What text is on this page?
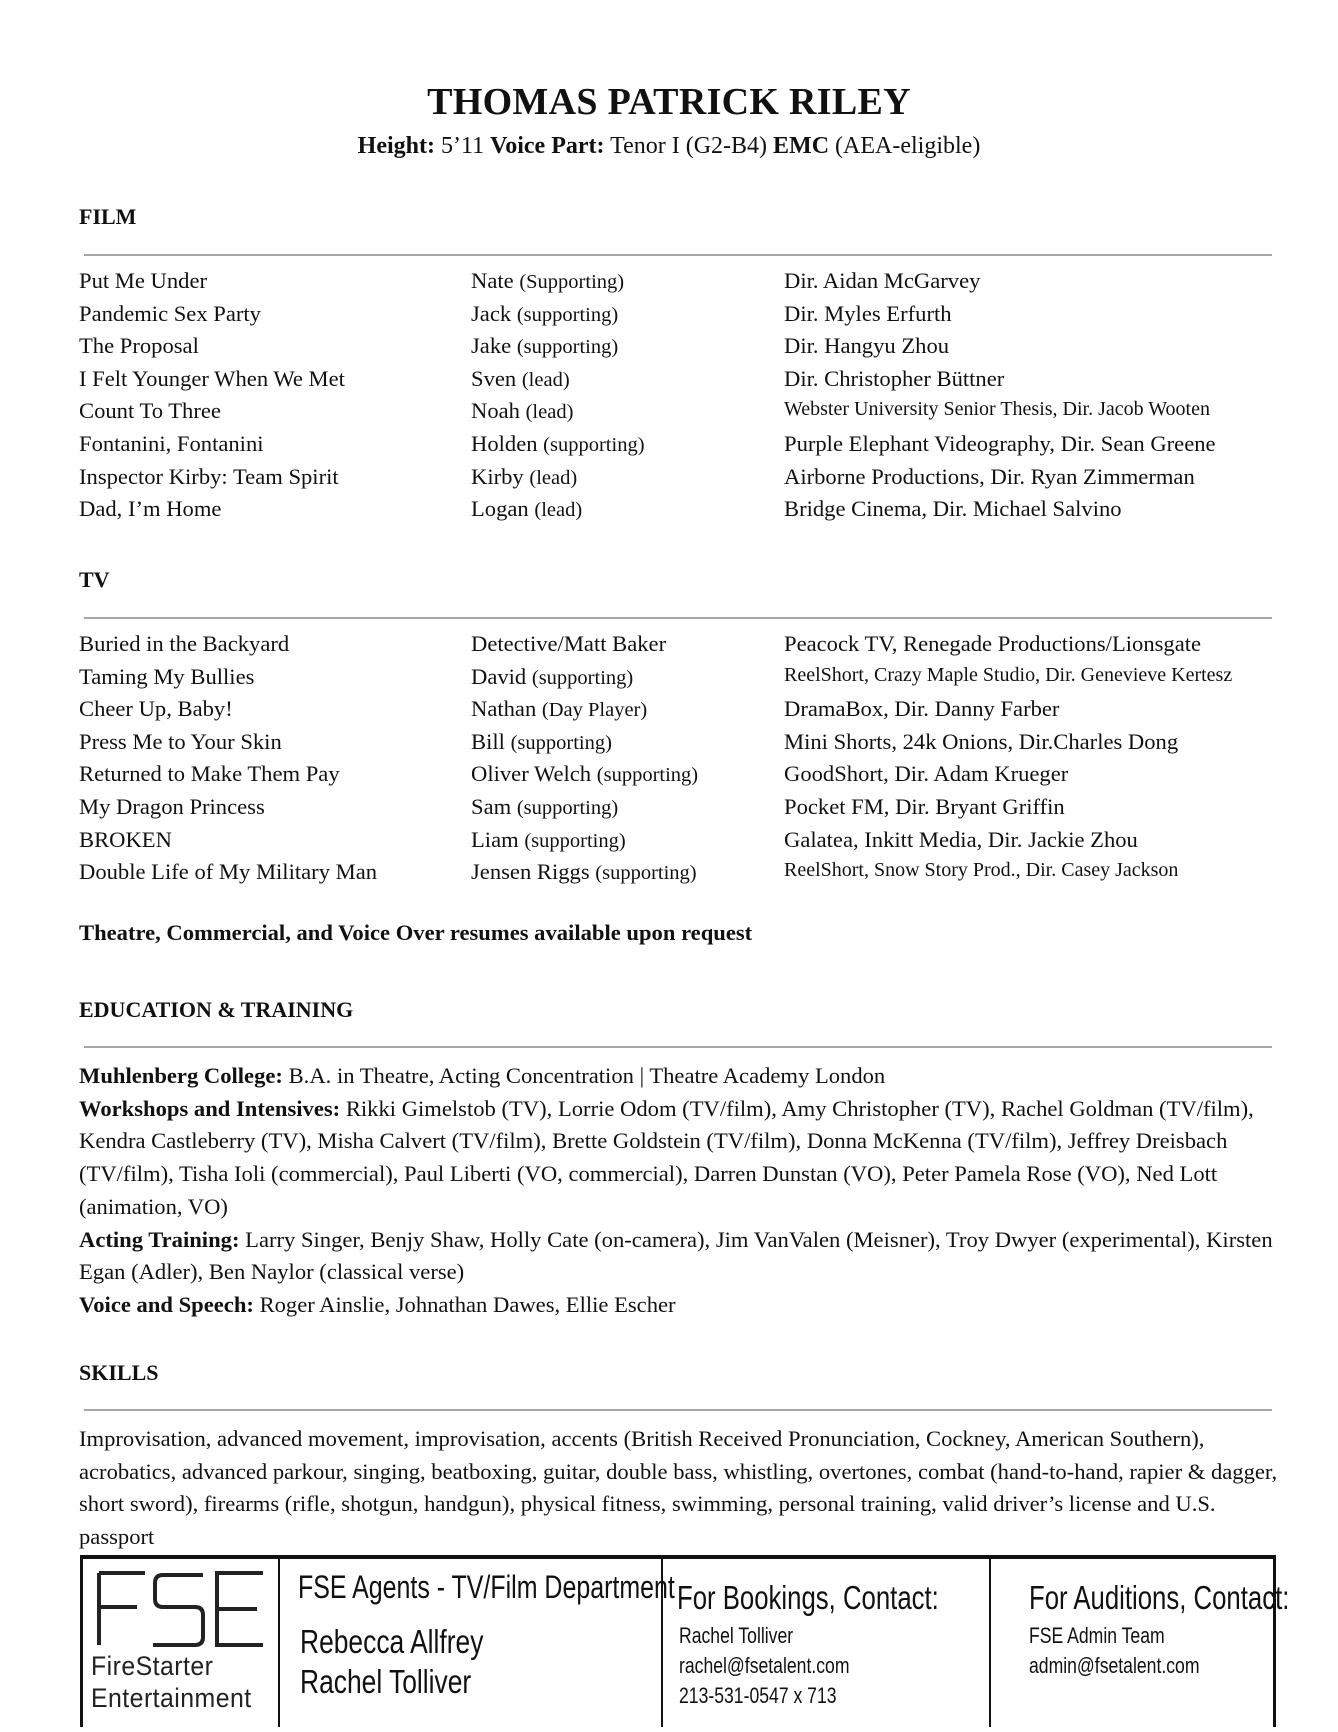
THOMAS PATRICK RILEY
Height: 5’11 Voice Part: Tenor I (G2-B4) EMC (AEA-eligible)
FILM
Put Me Under	Nate (Supporting)	Dir. Aidan McGarvey
Pandemic Sex Party	Jack (supporting)	Dir. Myles Erfurth
The Proposal	Jake (supporting)	Dir. Hangyu Zhou
I Felt Younger When We Met	Sven (lead)	Dir. Christopher Büttner
Count To Three	Noah (lead)	Webster University Senior Thesis, Dir. Jacob Wooten
Fontanini, Fontanini	Holden (supporting)	Purple Elephant Videography, Dir. Sean Greene
Inspector Kirby: Team Spirit	Kirby (lead)	Airborne Productions, Dir. Ryan Zimmerman
Dad, I’m Home	Logan (lead)	Bridge Cinema, Dir. Michael Salvino
TV
Buried in the Backyard	Detective/Matt Baker	Peacock TV, Renegade Productions/Lionsgate
Taming My Bullies	David (supporting)	ReelShort, Crazy Maple Studio, Dir. Genevieve Kertesz
Cheer Up, Baby!	Nathan (Day Player)	DramaBox, Dir. Danny Farber
Press Me to Your Skin	Bill (supporting)	Mini Shorts, 24k Onions, Dir.Charles Dong
Returned to Make Them Pay	Oliver Welch (supporting)	GoodShort, Dir. Adam Krueger
My Dragon Princess	Sam (supporting)	Pocket FM, Dir. Bryant Griffin
BROKEN	Liam (supporting)	Galatea, Inkitt Media, Dir. Jackie Zhou
Double Life of My Military Man	Jensen Riggs (supporting)	ReelShort, Snow Story Prod., Dir. Casey Jackson
Theatre, Commercial, and Voice Over resumes available upon request
EDUCATION & TRAINING
Muhlenberg College: B.A. in Theatre, Acting Concentration | Theatre Academy London
Workshops and Intensives: Rikki Gimelstob (TV), Lorrie Odom (TV/film), Amy Christopher (TV), Rachel Goldman (TV/film), Kendra Castleberry (TV), Misha Calvert (TV/film), Brette Goldstein (TV/film), Donna McKenna (TV/film), Jeffrey Dreisbach (TV/film), Tisha Ioli (commercial), Paul Liberti (VO, commercial), Darren Dunstan (VO), Peter Pamela Rose (VO), Ned Lott (animation, VO)
Acting Training: Larry Singer, Benjy Shaw, Holly Cate (on-camera), Jim VanValen (Meisner), Troy Dwyer (experimental), Kirsten Egan (Adler), Ben Naylor (classical verse)
Voice and Speech: Roger Ainslie, Johnathan Dawes, Ellie Escher
SKILLS
Improvisation, advanced movement, improvisation, accents (British Received Pronunciation, Cockney, American Southern), acrobatics, advanced parkour, singing, beatboxing, guitar, double bass, whistling, overtones, combat (hand-to-hand, rapier & dagger, short sword), firearms (rifle, shotgun, handgun), physical fitness, swimming, personal training, valid driver’s license and U.S. passport
FireStarter
Entertainment
FSE Agents - TV/Film Department
Rebecca Allfrey
Rachel Tolliver
For Bookings, Contact:
Rachel Tolliver
rachel@fsetalent.com
213-531-0547 x 713
For Auditions, Contact:
FSE Admin Team
admin@fsetalent.com
